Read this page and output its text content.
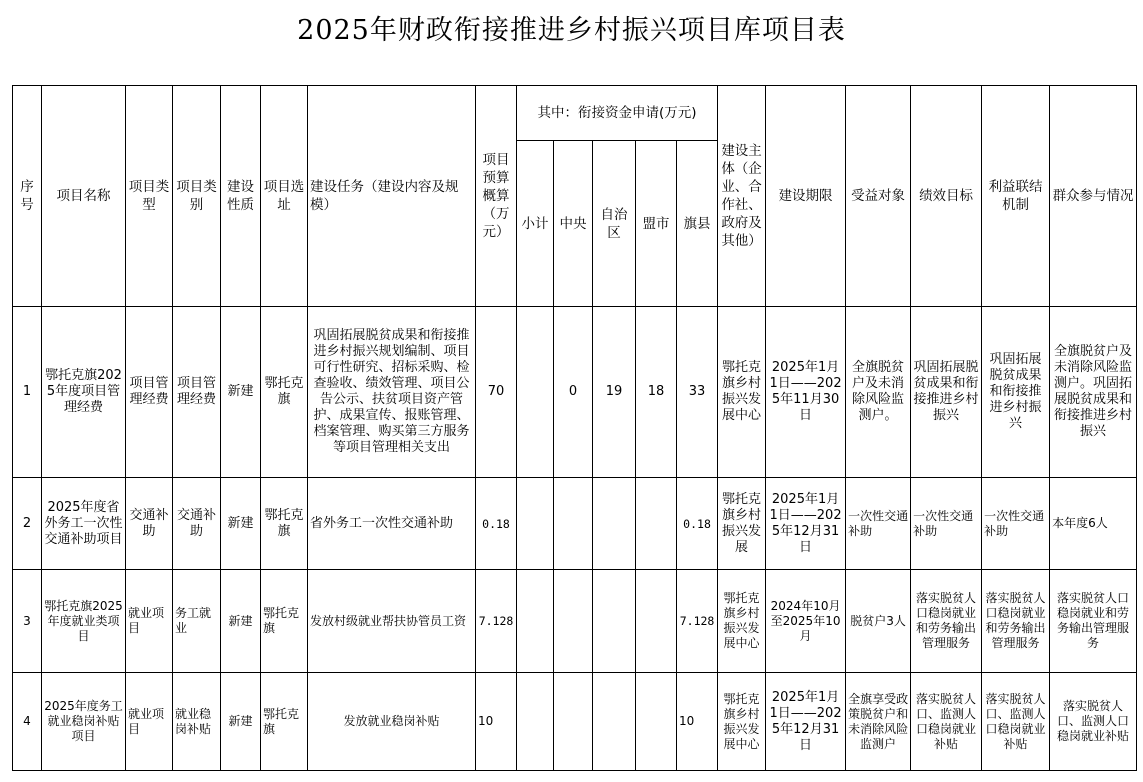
2025年财政衔接推进乡村振兴项目库项目表
序号	项目名称	项目类型	项目类别	建设性质	项目选址	建设任务（建设内容及规模）	项目预算概算（万元）	其中：衔接资金申请(万元)					建设主体（企业、合作社、政府及其他）	建设期限	受益对象	绩效目标	利益联结机制	群众参与情况
								小计	中央	自治区	盟市	旗县						
1	鄂托克旗2025年度项目管理经费	项目管理经费	项目管理经费	新建	鄂托克旗	巩固拓展脱贫成果和衔接推进乡村振兴规划编制、项目可行性研究、招标采购、检查验收、绩效管理、项目公告公示、扶贫项目资产管护、成果宣传、报账管理、档案管理、购买第三方服务等项目管理相关支出	70		0	19	18	33	鄂托克旗乡村振兴发展中心	2025年1月1日——2025年11月30日	全旗脱贫户及未消除风险监测户。	巩固拓展脱贫成果和衔接推进乡村振兴	巩固拓展脱贫成果和衔接推进乡村振兴	全旗脱贫户及未消除风险监测户。巩固拓展脱贫成果和衔接推进乡村振兴
2	2025年度省外务工一次性交通补助项目	交通补助	交通补助	新建	鄂托克旗	省外务工一次性交通补助	0.18					0.18	鄂托克旗乡村振兴发展	2025年1月1日——2025年12月31日	一次性交通补助	一次性交通补助	一次性交通补助	本年度6人
3	鄂托克旗2025年度就业类项目	就业项目	务工就业	新建	鄂托克旗	发放村级就业帮扶协管员工资	7.128					7.128	鄂托克旗乡村振兴发展中心	2024年10月至2025年10月	脱贫户3人	落实脱贫人口稳岗就业和劳务输出管理服务	落实脱贫人口稳岗就业和劳务输出管理服务	落实脱贫人口稳岗就业和劳务输出管理服务
4	2025年度务工就业稳岗补贴项目	就业项目	就业稳岗补贴	新建	鄂托克旗	发放就业稳岗补贴	10					10	鄂托克旗乡村振兴发展中心	2025年1月1日——2025年12月31日	全旗享受政策脱贫户和未消除风险监测户	落实脱贫人口、监测人口稳岗就业补贴	落实脱贫人口、监测人口稳岗就业补贴	落实脱贫人口、监测人口稳岗就业补贴
